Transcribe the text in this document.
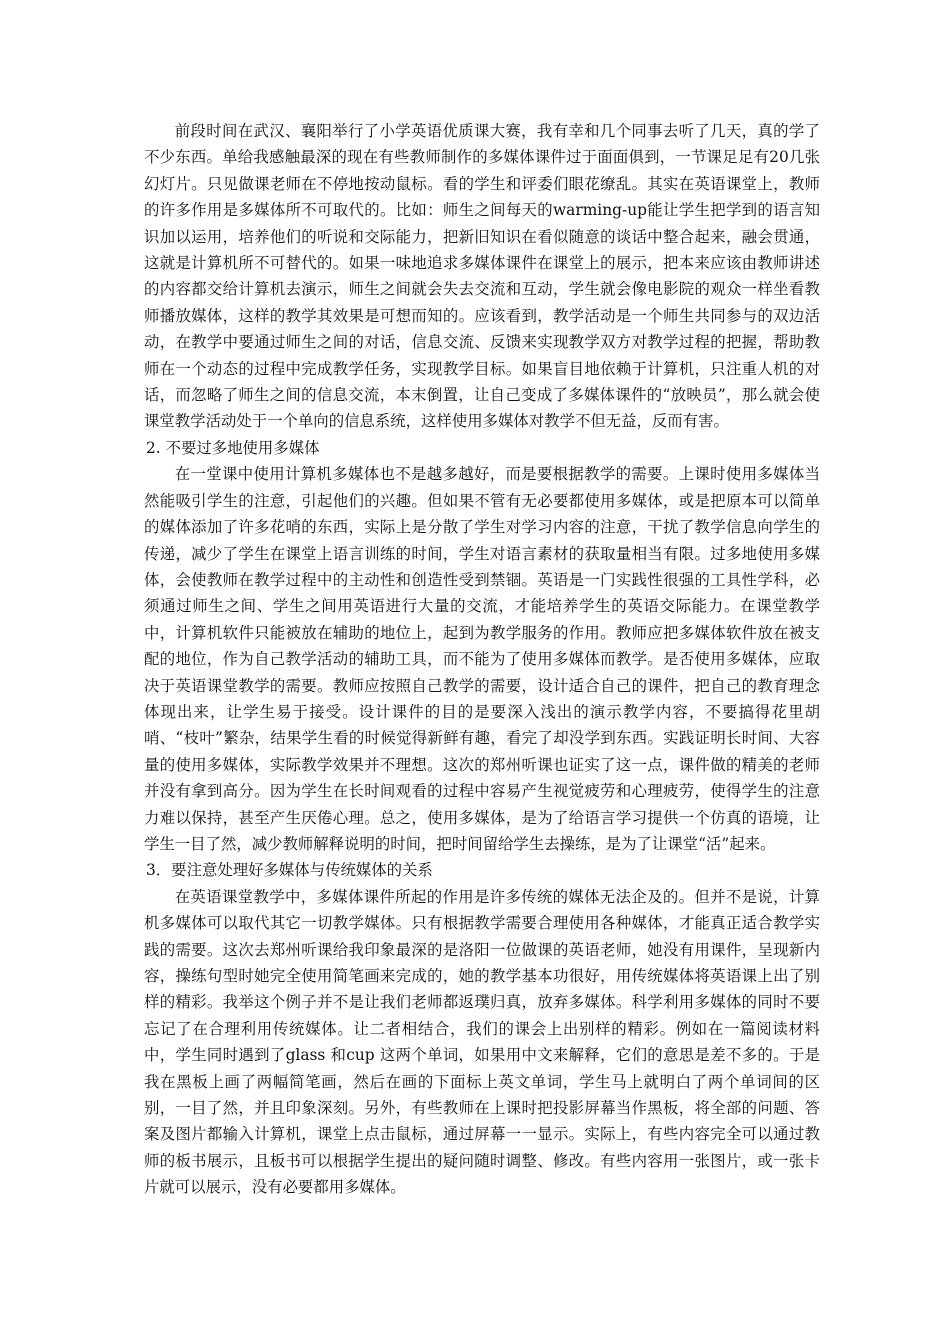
前段时间在武汉、襄阳举行了小学英语优质课大赛，我有幸和几个同事去听了几天，真的学了不少东西。单给我感触最深的现在有些教师制作的多媒体课件过于面面俱到，一节课足足有20几张幻灯片。只见做课老师在不停地按动鼠标。看的学生和评委们眼花缭乱。其实在英语课堂上，教师的许多作用是多媒体所不可取代的。比如：师生之间每天的warming-up能让学生把学到的语言知识加以运用，培养他们的听说和交际能力，把新旧知识在看似随意的谈话中整合起来，融会贯通，这就是计算机所不可替代的。如果一味地追求多媒体课件在课堂上的展示，把本来应该由教师讲述的内容都交给计算机去演示，师生之间就会失去交流和互动，学生就会像电影院的观众一样坐看教师播放媒体，这样的教学其效果是可想而知的。应该看到，教学活动是一个师生共同参与的双边活动，在教学中要通过师生之间的对话，信息交流、反馈来实现教学双方对教学过程的把握，帮助教师在一个动态的过程中完成教学任务，实现教学目标。如果盲目地依赖于计算机，只注重人机的对话，而忽略了师生之间的信息交流，本末倒置，让自己变成了多媒体课件的“放映员”，那么就会使课堂教学活动处于一个单向的信息系统，这样使用多媒体对教学不但无益，反而有害。

2. 不要过多地使用多媒体

在一堂课中使用计算机多媒体也不是越多越好，而是要根据教学的需要。上课时使用多媒体当然能吸引学生的注意，引起他们的兴趣。但如果不管有无必要都使用多媒体，或是把原本可以简单的媒体添加了许多花哨的东西，实际上是分散了学生对学习内容的注意，干扰了教学信息向学生的传递，减少了学生在课堂上语言训练的时间，学生对语言素材的获取量相当有限。过多地使用多媒体，会使教师在教学过程中的主动性和创造性受到禁锢。英语是一门实践性很强的工具性学科，必须通过师生之间、学生之间用英语进行大量的交流，才能培养学生的英语交际能力。在课堂教学中，计算机软件只能被放在辅助的地位上，起到为教学服务的作用。教师应把多媒体软件放在被支配的地位，作为自己教学活动的辅助工具，而不能为了使用多媒体而教学。是否使用多媒体，应取决于英语课堂教学的需要。教师应按照自己教学的需要，设计适合自己的课件，把自己的教育理念体现出来，让学生易于接受。设计课件的目的是要深入浅出的演示教学内容，不要搞得花里胡哨、“枝叶”繁杂，结果学生看的时候觉得新鲜有趣，看完了却没学到东西。实践证明长时间、大容量的使用多媒体，实际教学效果并不理想。这次的郑州听课也证实了这一点，课件做的精美的老师并没有拿到高分。因为学生在长时间观看的过程中容易产生视觉疲劳和心理疲劳，使得学生的注意力难以保持，甚至产生厌倦心理。总之，使用多媒体，是为了给语言学习提供一个仿真的语境，让学生一目了然，减少教师解释说明的时间，把时间留给学生去操练，是为了让课堂“活”起来。

3．要注意处理好多媒体与传统媒体的关系

在英语课堂教学中，多媒体课件所起的作用是许多传统的媒体无法企及的。但并不是说，计算机多媒体可以取代其它一切教学媒体。只有根据教学需要合理使用各种媒体，才能真正适合教学实践的需要。这次去郑州听课给我印象最深的是洛阳一位做课的英语老师，她没有用课件，呈现新内容，操练句型时她完全使用简笔画来完成的，她的教学基本功很好，用传统媒体将英语课上出了别样的精彩。我举这个例子并不是让我们老师都返璞归真，放弃多媒体。科学利用多媒体的同时不要忘记了在合理利用传统媒体。让二者相结合，我们的课会上出别样的精彩。例如在一篇阅读材料中，学生同时遇到了glass 和cup 这两个单词，如果用中文来解释，它们的意思是差不多的。于是我在黑板上画了两幅简笔画，然后在画的下面标上英文单词，学生马上就明白了两个单词间的区别，一目了然，并且印象深刻。另外，有些教师在上课时把投影屏幕当作黑板，将全部的问题、答案及图片都输入计算机，课堂上点击鼠标，通过屏幕一一显示。实际上，有些内容完全可以通过教师的板书展示，且板书可以根据学生提出的疑问随时调整、修改。有些内容用一张图片，或一张卡片就可以展示，没有必要都用多媒体。
